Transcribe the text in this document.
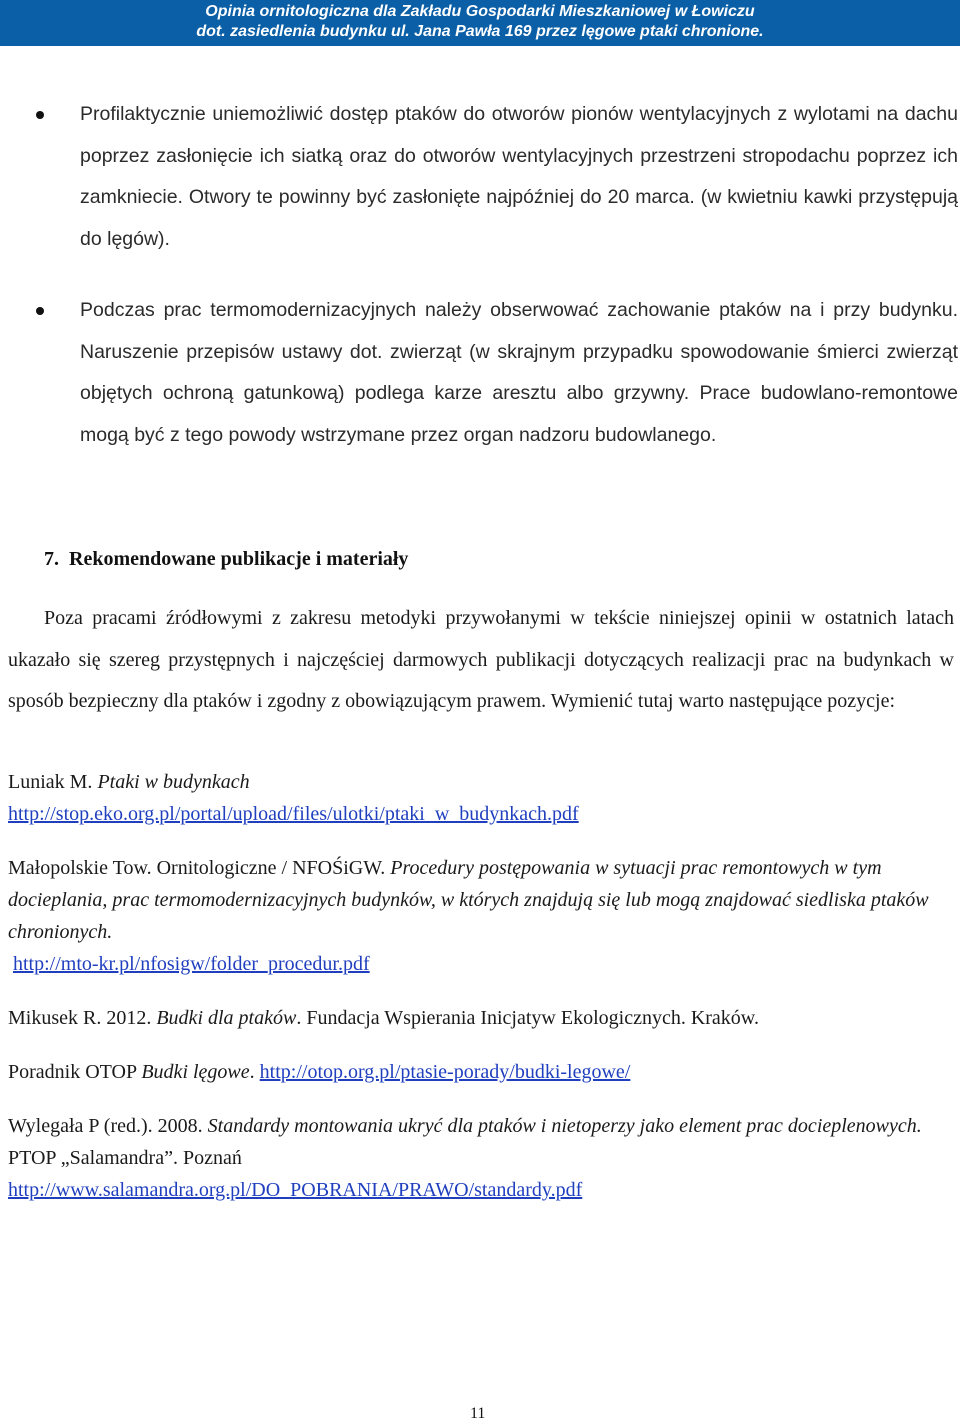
Opinia ornitologiczna dla Zakładu Gospodarki Mieszkaniowej w Łowiczu
dot. zasiedlenia budynku ul. Jana Pawła 169 przez lęgowe ptaki chronione.
Profilaktycznie uniemożliwić dostęp ptaków do otworów pionów wentylacyjnych z wylotami na dachu poprzez zasłonięcie ich siatką oraz do otworów wentylacyjnych przestrzeni stropodachu poprzez ich zamkniecie. Otwory te powinny być zasłonięte najpóźniej do 20 marca. (w kwietniu kawki przystępują do lęgów).
Podczas prac termomodernizacyjnych należy obserwować zachowanie ptaków na i przy budynku. Naruszenie przepisów ustawy dot. zwierząt (w skrajnym przypadku spowodowanie śmierci zwierząt objętych ochroną gatunkową) podlega karze aresztu albo grzywny. Prace budowlano-remontowe mogą być z tego powody wstrzymane przez organ nadzoru budowlanego.
7. Rekomendowane publikacje i materiały
Poza pracami źródłowymi z zakresu metodyki przywołanymi w tekście niniejszej opinii w ostatnich latach ukazało się szereg przystępnych i najczęściej darmowych publikacji dotyczących realizacji prac na budynkach w sposób bezpieczny dla ptaków i zgodny z obowiązującym prawem. Wymienić tutaj warto następujące pozycje:
Luniak M. Ptaki w budynkach
http://stop.eko.org.pl/portal/upload/files/ulotki/ptaki_w_budynkach.pdf
Małopolskie Tow. Ornitologiczne / NFOŚiGW. Procedury postępowania w sytuacji prac remontowych w tym docieplania, prac termomodernizacyjnych budynków, w których znajdują się lub mogą znajdować siedliska ptaków chronionych.
http://mto-kr.pl/nfosigw/folder_procedur.pdf
Mikusek R. 2012. Budki dla ptaków. Fundacja Wspierania Inicjatyw Ekologicznych. Kraków.
Poradnik OTOP Budki lęgowe. http://otop.org.pl/ptasie-porady/budki-legowe/
Wylegała P (red.). 2008. Standardy montowania ukryć dla ptaków i nietoperzy jako element prac docieplenowych. PTOP „Salamandra”. Poznań
http://www.salamandra.org.pl/DO_POBRANIA/PRAWO/standardy.pdf
11
